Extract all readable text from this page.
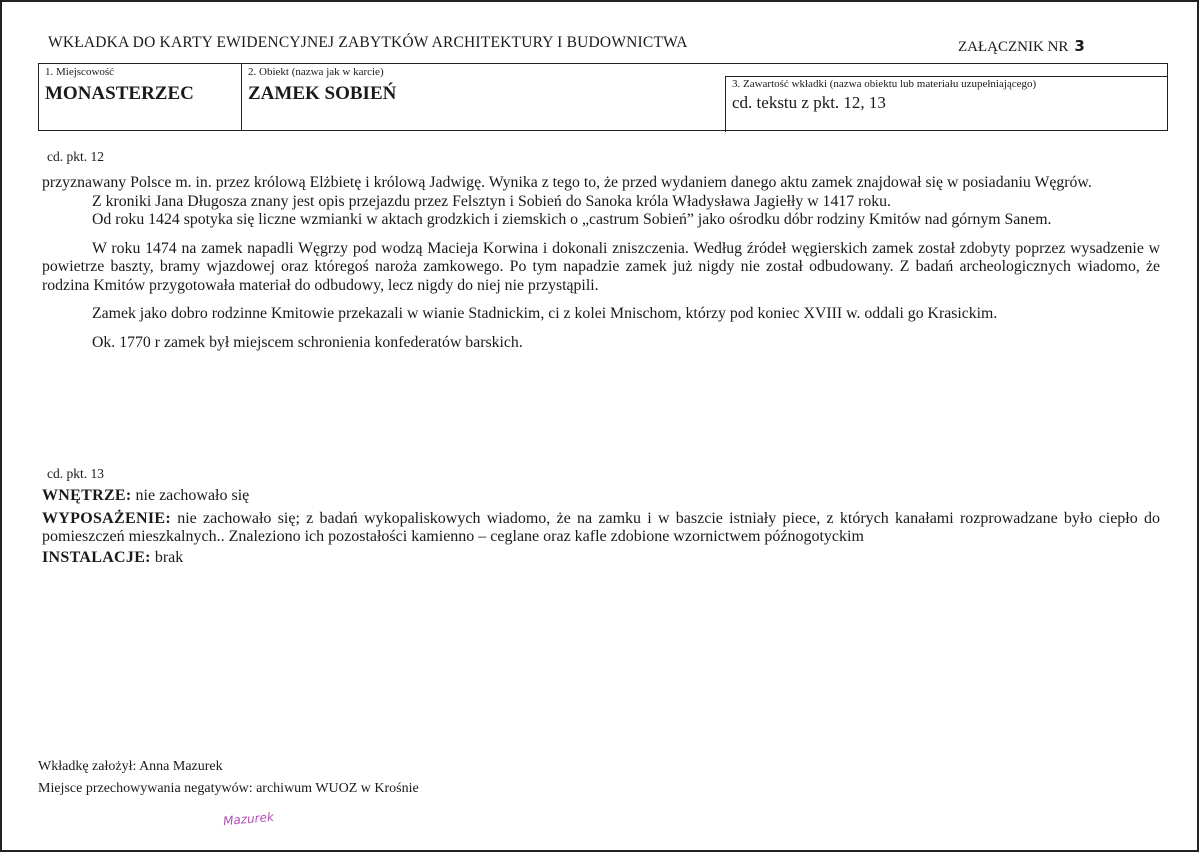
WKŁADKA DO KARTY EWIDENCYJNEJ ZABYTKÓW ARCHITEKTURY I BUDOWNICTWA	ZAŁĄCZNIK NR 3
1. Miejscowość
MONASTERZEC
2. Obiekt (nazwa jak w karcie)
ZAMEK SOBIEŃ	3. Zawartość wkładki (nazwa obiektu lub materiału uzupełniającego)
cd. tekstu z pkt. 12, 13
cd. pkt. 12

przyznawany Polsce m. in. przez królową Elżbietę i królową Jadwigę. Wynika z tego to, że przed wydaniem danego aktu zamek znajdował się w posiadaniu Węgrów.

Z kroniki Jana Długosza znany jest opis przejazdu przez Felsztyn i Sobień do Sanoka króla Władysława Jagiełły w 1417 roku.

Od roku 1424 spotyka się liczne wzmianki w aktach grodzkich i ziemskich o „castrum Sobień” jako ośrodku dóbr rodziny Kmitów nad górnym Sanem.

W roku 1474 na zamek napadli Węgrzy pod wodzą Macieja Korwina i dokonali zniszczenia. Według źródeł węgierskich zamek został zdobyty poprzez wysadzenie w powietrze baszty, bramy wjazdowej oraz któregoś naroża zamkowego. Po tym napadzie zamek już nigdy nie został odbudowany. Z badań archeologicznych wiadomo, że rodzina Kmitów przygotowała materiał do odbudowy, lecz nigdy do niej nie przystąpili.

Zamek jako dobro rodzinne Kmitowie przekazali w wianie Stadnickim, ci z kolei Mnischom, którzy pod koniec XVIII w. oddali go Krasickim.

Ok. 1770 r zamek był miejscem schronienia konfederatów barskich.

cd. pkt. 13

WNĘTRZE: nie zachowało się

WYPOSAŻENIE: nie zachowało się; z badań wykopaliskowych wiadomo, że na zamku i w baszcie istniały piece, z których kanałami rozprowadzane było ciepło do pomieszczeń mieszkalnych.. Znaleziono ich pozostałości kamienno – ceglane oraz kafle zdobione wzornictwem późnogotyckim

INSTALACJE: brak

Wkładkę założył: Anna Mazurek
Miejsce przechowywania negatywów: archiwum WUOZ w Krośnie
Mazurek
